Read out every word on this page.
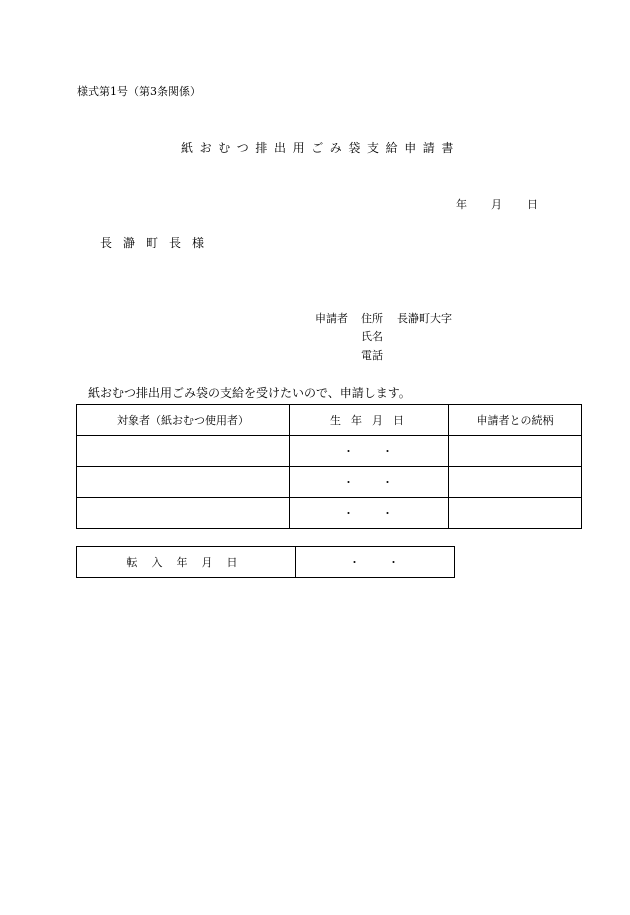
様式第1号（第3条関係）
紙おむつ排出用ごみ袋支給申請書
年 月 日
長瀞町長様
申請者 住所 長瀞町大字
氏名
電話
紙おむつ排出用ごみ袋の支給を受けたいので、申請します。
対象者（紙おむつ使用者）	生年月日	申請者との続柄
	・・	
	・・	
	・・	
転入年月日	・・
